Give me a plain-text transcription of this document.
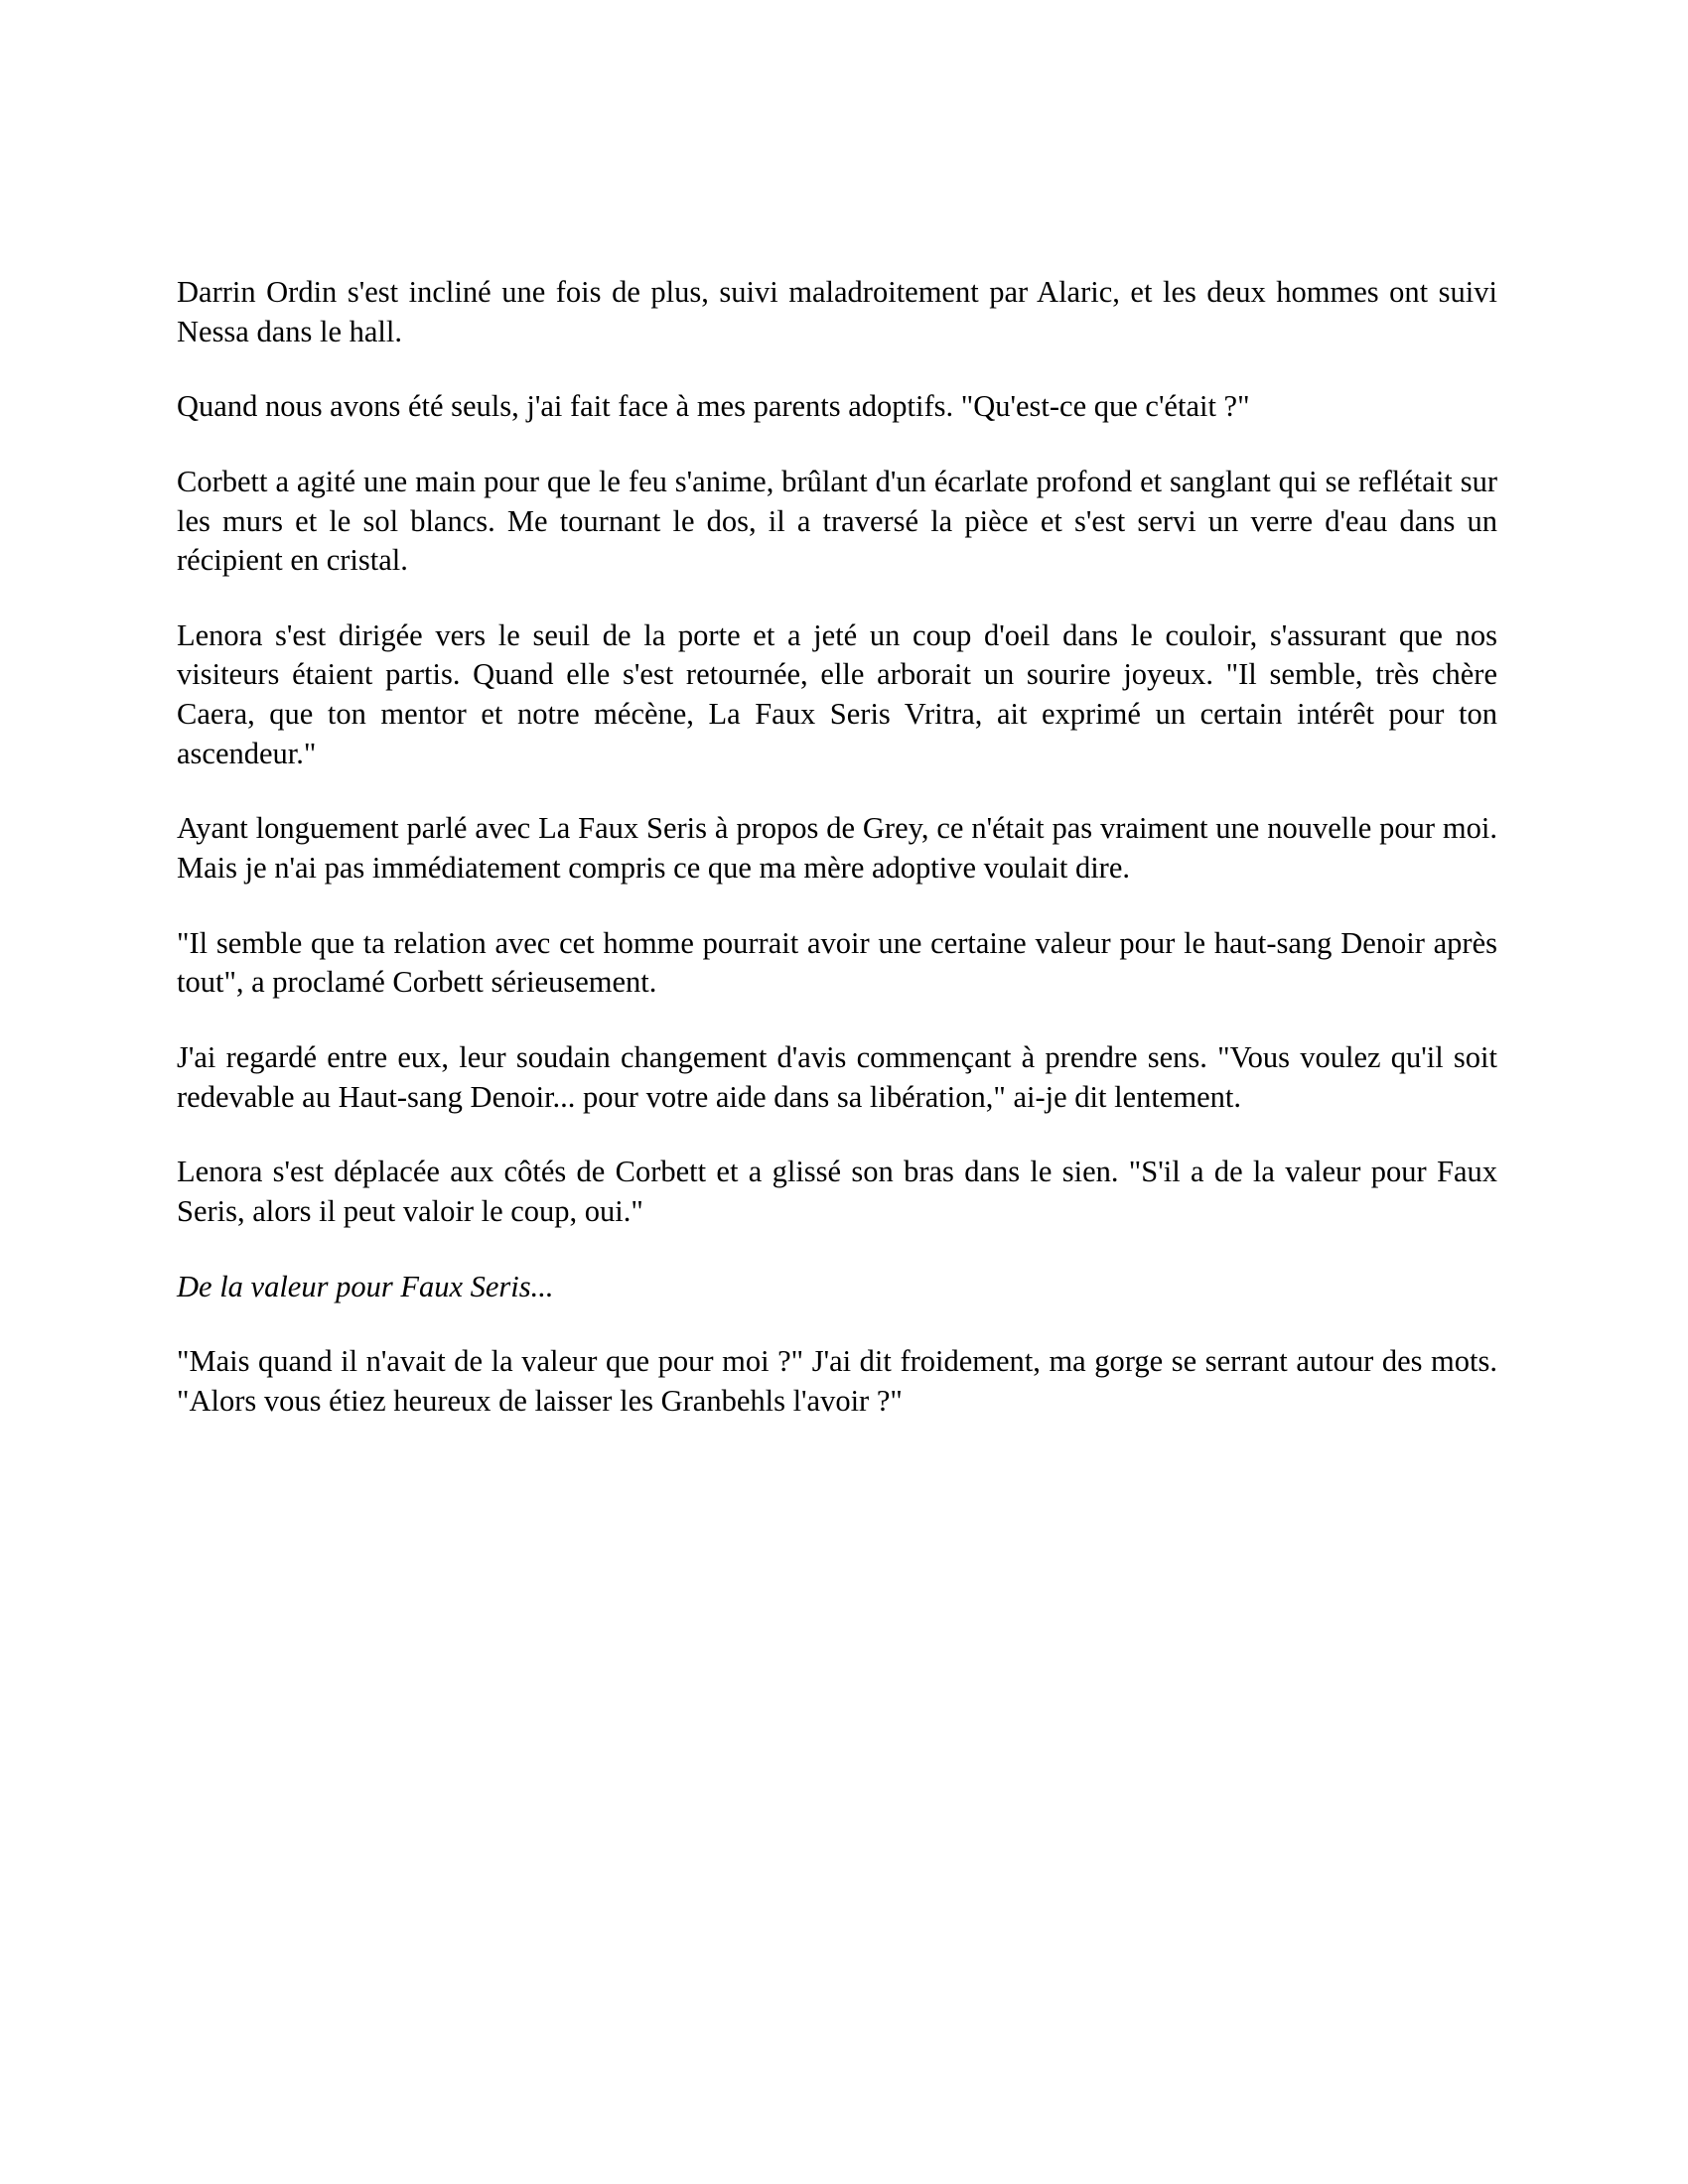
Darrin Ordin s'est incliné une fois de plus, suivi maladroitement par Alaric, et les deux hommes ont suivi Nessa dans le hall.

Quand nous avons été seuls, j'ai fait face à mes parents adoptifs. "Qu'est-ce que c'était ?"

Corbett a agité une main pour que le feu s'anime, brûlant d'un écarlate profond et sanglant qui se reflétait sur les murs et le sol blancs. Me tournant le dos, il a traversé la pièce et s'est servi un verre d'eau dans un récipient en cristal.

Lenora s'est dirigée vers le seuil de la porte et a jeté un coup d'oeil dans le couloir, s'assurant que nos visiteurs étaient partis. Quand elle s'est retournée, elle arborait un sourire joyeux. "Il semble, très chère Caera, que ton mentor et notre mécène, La Faux Seris Vritra, ait exprimé un certain intérêt pour ton ascendeur."

Ayant longuement parlé avec La Faux Seris à propos de Grey, ce n'était pas vraiment une nouvelle pour moi. Mais je n'ai pas immédiatement compris ce que ma mère adoptive voulait dire.

"Il semble que ta relation avec cet homme pourrait avoir une certaine valeur pour le haut-sang Denoir après tout", a proclamé Corbett sérieusement.

J'ai regardé entre eux, leur soudain changement d'avis commençant à prendre sens. "Vous voulez qu'il soit redevable au Haut-sang Denoir... pour votre aide dans sa libération," ai-je dit lentement.

Lenora s'est déplacée aux côtés de Corbett et a glissé son bras dans le sien. "S'il a de la valeur pour Faux Seris, alors il peut valoir le coup, oui."

De la valeur pour Faux Seris...

"Mais quand il n'avait de la valeur que pour moi ?" J'ai dit froidement, ma gorge se serrant autour des mots. "Alors vous étiez heureux de laisser les Granbehls l'avoir ?"
